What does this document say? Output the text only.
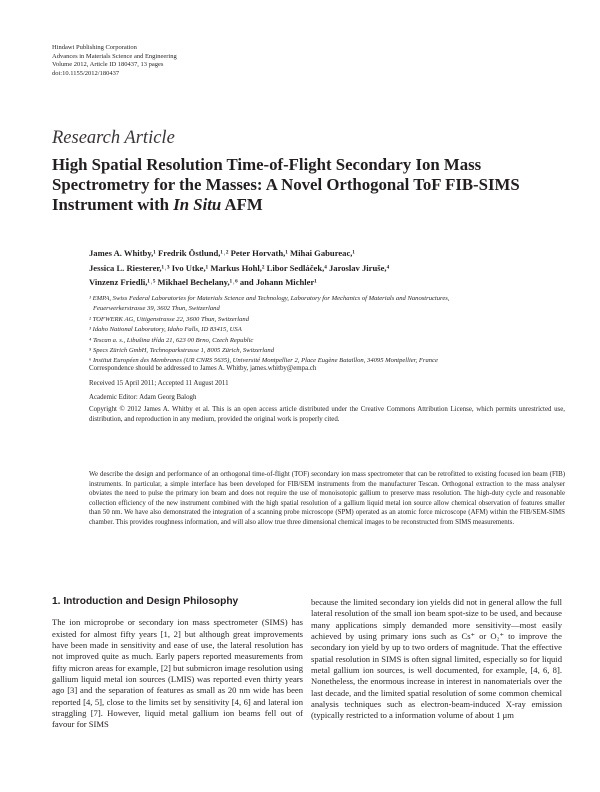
Hindawi Publishing Corporation
Advances in Materials Science and Engineering
Volume 2012, Article ID 180437, 13 pages
doi:10.1155/2012/180437
Research Article
High Spatial Resolution Time-of-Flight Secondary Ion Mass Spectrometry for the Masses: A Novel Orthogonal ToF FIB-SIMS Instrument with In Situ AFM
James A. Whitby,¹ Fredrik Östlund,¹˒² Peter Horvath,¹ Mihai Gabureac,¹
Jessica L. Riesterer,¹˒³ Ivo Utke,¹ Markus Hohl,² Libor Sedláček,⁴ Jaroslav Jiruše,⁴
Vinzenz Friedli,¹˒⁵ Mikhael Bechelany,¹˒⁶ and Johann Michler¹
¹ EMPA, Swiss Federal Laboratories for Materials Science and Technology, Laboratory for Mechanics of Materials and Nanostructures,
Feuerwerkerstrasse 39, 3602 Thun, Switzerland
² TOFWERK AG, Uttigenstrasse 22, 3600 Thun, Switzerland
³ Idaho National Laboratory, Idaho Falls, ID 83415, USA
⁴ Tescan a. s., Libušina třída 21, 623 00 Brno, Czech Republic
⁵ Specs Zürich GmbH, Technoparkstrasse 1, 8005 Zürich, Switzerland
⁶ Institut Européen des Membranes (UR CNRS 5635), Université Montpellier 2, Place Eugène Bataillon, 34095 Montpellier, France
Correspondence should be addressed to James A. Whitby, james.whitby@empa.ch
Received 15 April 2011; Accepted 11 August 2011
Academic Editor: Adam Georg Balogh
Copyright © 2012 James A. Whitby et al. This is an open access article distributed under the Creative Commons Attribution License, which permits unrestricted use, distribution, and reproduction in any medium, provided the original work is properly cited.
We describe the design and performance of an orthogonal time-of-flight (TOF) secondary ion mass spectrometer that can be retrofitted to existing focused ion beam (FIB) instruments. In particular, a simple interface has been developed for FIB/SEM instruments from the manufacturer Tescan. Orthogonal extraction to the mass analyser obviates the need to pulse the primary ion beam and does not require the use of monoisotopic gallium to preserve mass resolution. The high-duty cycle and reasonable collection efficiency of the new instrument combined with the high spatial resolution of a gallium liquid metal ion source allow chemical observation of features smaller than 50 nm. We have also demonstrated the integration of a scanning probe microscope (SPM) operated as an atomic force microscope (AFM) within the FIB/SEM-SIMS chamber. This provides roughness information, and will also allow true three dimensional chemical images to be reconstructed from SIMS measurements.
1. Introduction and Design Philosophy

The ion microprobe or secondary ion mass spectrometer (SIMS) has existed for almost fifty years [1, 2] but although great improvements have been made in sensitivity and ease of use, the lateral resolution has not improved quite as much. Early papers reported measurements from fifty micron areas for example, [2] but submicron image resolution using gallium liquid metal ion sources (LMIS) was reported even thirty years ago [3] and the separation of features as small as 20 nm wide has been reported [4, 5], close to the limits set by sensitivity [4, 6] and lateral ion straggling [7]. However, liquid metal gallium ion beams fell out of favour for SIMS

because the limited secondary ion yields did not in general allow the full lateral resolution of the small ion beam spot-size to be used, and because many applications simply demanded more sensitivity—most easily achieved by using primary ions such as Cs⁺ or O₂⁺ to improve the secondary ion yield by up to two orders of magnitude. That the effective spatial resolution in SIMS is often signal limited, especially so for liquid metal gallium ion sources, is well documented, for example, [4, 6, 8]. Nonetheless, the enormous increase in interest in nanomaterials over the last decade, and the limited spatial resolution of some common chemical analysis techniques such as electron-beam-induced X-ray emission (typically restricted to a information volume of about 1 μm
